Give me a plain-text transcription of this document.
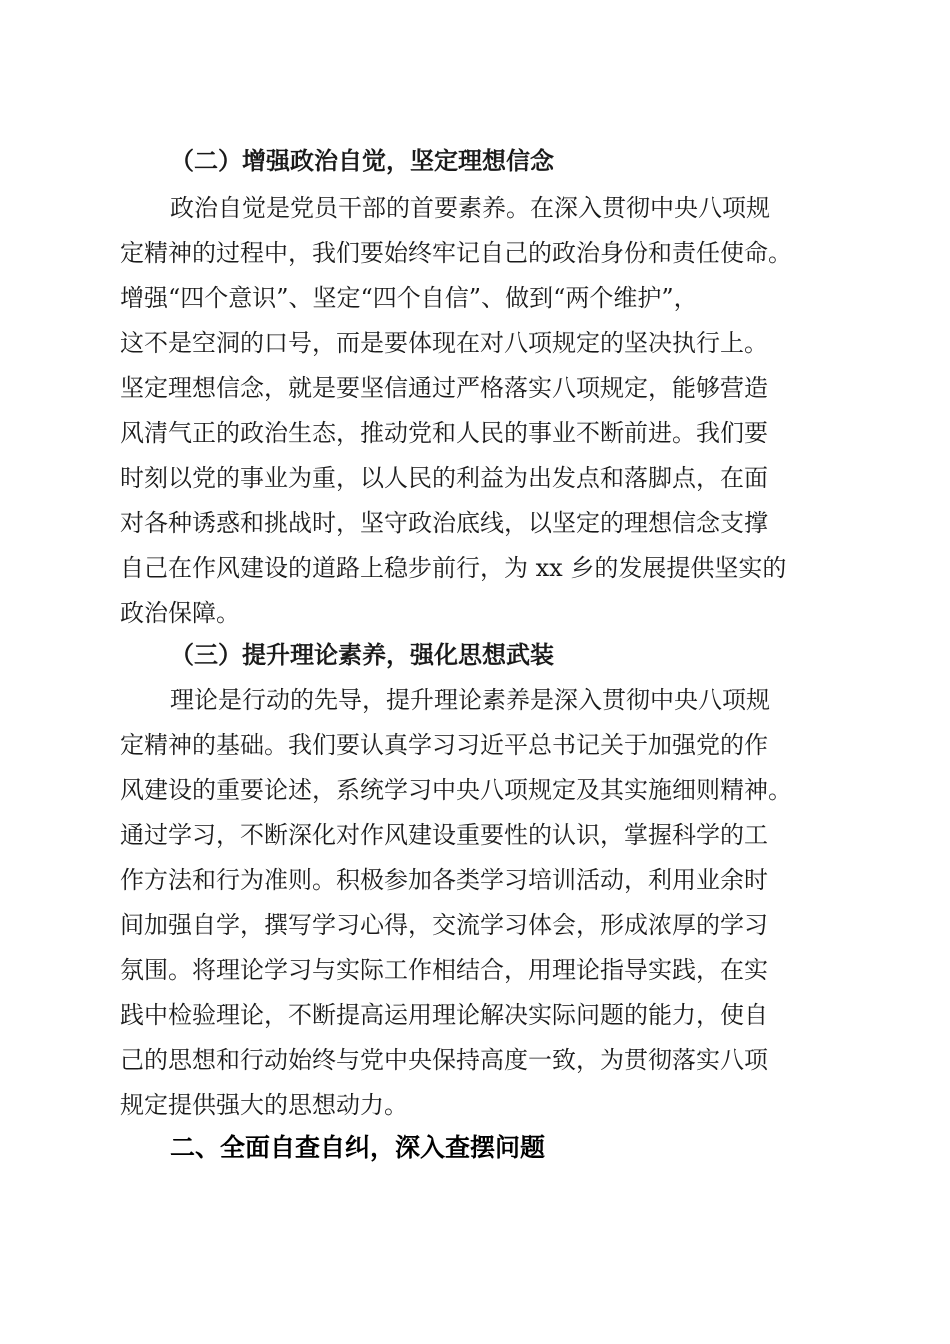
（二）增强政治自觉，坚定理想信念
政治自觉是党员干部的首要素养。在深入贯彻中央八项规
定精神的过程中，我们要始终牢记自己的政治身份和责任使命。
增强“四个意识”、坚定“四个自信”、做到“两个维护”，
这不是空洞的口号，而是要体现在对八项规定的坚决执行上。
坚定理想信念，就是要坚信通过严格落实八项规定，能够营造
风清气正的政治生态，推动党和人民的事业不断前进。我们要
时刻以党的事业为重，以人民的利益为出发点和落脚点，在面
对各种诱惑和挑战时，坚守政治底线，以坚定的理想信念支撑
自己在作风建设的道路上稳步前行，为 xx 乡的发展提供坚实的
政治保障。
（三）提升理论素养，强化思想武装
理论是行动的先导，提升理论素养是深入贯彻中央八项规
定精神的基础。我们要认真学习习近平总书记关于加强党的作
风建设的重要论述，系统学习中央八项规定及其实施细则精神。
通过学习，不断深化对作风建设重要性的认识，掌握科学的工
作方法和行为准则。积极参加各类学习培训活动，利用业余时
间加强自学，撰写学习心得，交流学习体会，形成浓厚的学习
氛围。将理论学习与实际工作相结合，用理论指导实践，在实
践中检验理论，不断提高运用理论解决实际问题的能力，使自
己的思想和行动始终与党中央保持高度一致，为贯彻落实八项
规定提供强大的思想动力。
二、全面自查自纠，深入查摆问题
